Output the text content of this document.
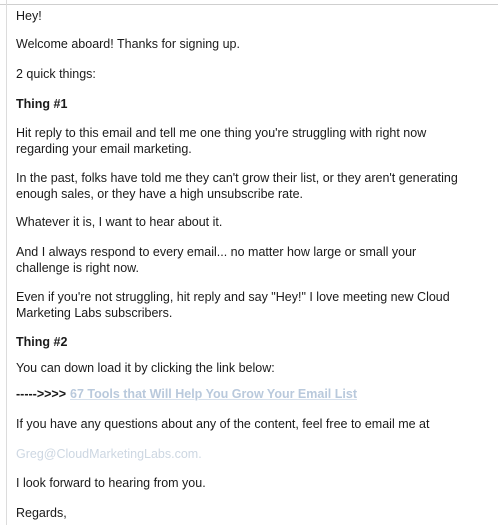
Hey!
Welcome aboard! Thanks for signing up.
2 quick things:
Thing #1
Hit reply to this email and tell me one thing you're struggling with right now
regarding your email marketing.
In the past, folks have told me they can't grow their list, or they aren't generating
enough sales, or they have a high unsubscribe rate.
Whatever it is, I want to hear about it.
And I always respond to every email... no matter how large or small your
challenge is right now.
Even if you're not struggling, hit reply and say "Hey!" I love meeting new Cloud
Marketing Labs subscribers.
Thing #2
You can down load it by clicking the link below:
----->>>> 67 Tools that Will Help You Grow Your Email List
If you have any questions about any of the content, feel free to email me at
Greg@CloudMarketingLabs.com.
I look forward to hearing from you.
Regards,
